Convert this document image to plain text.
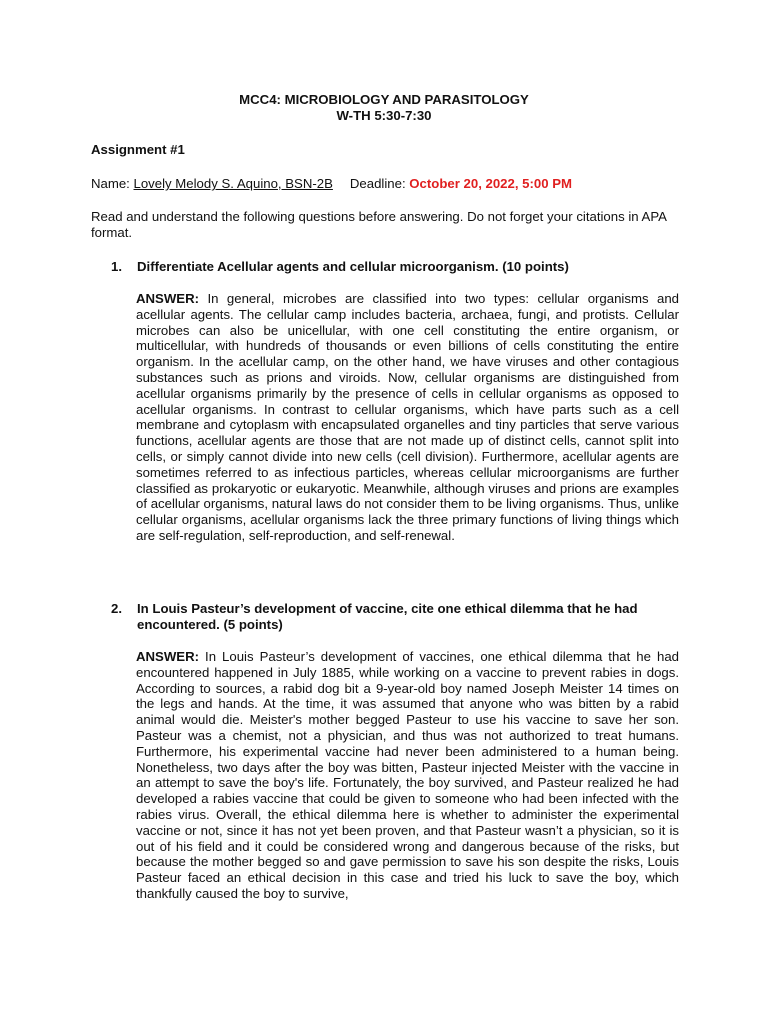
MCC4: MICROBIOLOGY AND PARASITOLOGY
W-TH 5:30-7:30
Assignment #1
Name: Lovely Melody S. Aquino, BSN-2B Deadline: October 20, 2022, 5:00 PM
Read and understand the following questions before answering. Do not forget your citations in APA format.
1.	Differentiate Acellular agents and cellular microorganism. (10 points)
ANSWER: In general, microbes are classified into two types: cellular organisms and acellular agents. The cellular camp includes bacteria, archaea, fungi, and protists. Cellular microbes can also be unicellular, with one cell constituting the entire organism, or multicellular, with hundreds of thousands or even billions of cells constituting the entire organism. In the acellular camp, on the other hand, we have viruses and other contagious substances such as prions and viroids. Now, cellular organisms are distinguished from acellular organisms primarily by the presence of cells in cellular organisms as opposed to acellular organisms. In contrast to cellular organisms, which have parts such as a cell membrane and cytoplasm with encapsulated organelles and tiny particles that serve various functions, acellular agents are those that are not made up of distinct cells, cannot split into cells, or simply cannot divide into new cells (cell division). Furthermore, acellular agents are sometimes referred to as infectious particles, whereas cellular microorganisms are further classified as prokaryotic or eukaryotic. Meanwhile, although viruses and prions are examples of acellular organisms, natural laws do not consider them to be living organisms. Thus, unlike cellular organisms, acellular organisms lack the three primary functions of living things which are self-regulation, self-reproduction, and self-renewal.
2.	In Louis Pasteur’s development of vaccine, cite one ethical dilemma that he had encountered. (5 points)
ANSWER: In Louis Pasteur’s development of vaccines, one ethical dilemma that he had encountered happened in July 1885, while working on a vaccine to prevent rabies in dogs. According to sources, a rabid dog bit a 9-year-old boy named Joseph Meister 14 times on the legs and hands. At the time, it was assumed that anyone who was bitten by a rabid animal would die. Meister's mother begged Pasteur to use his vaccine to save her son. Pasteur was a chemist, not a physician, and thus was not authorized to treat humans. Furthermore, his experimental vaccine had never been administered to a human being. Nonetheless, two days after the boy was bitten, Pasteur injected Meister with the vaccine in an attempt to save the boy's life. Fortunately, the boy survived, and Pasteur realized he had developed a rabies vaccine that could be given to someone who had been infected with the rabies virus. Overall, the ethical dilemma here is whether to administer the experimental vaccine or not, since it has not yet been proven, and that Pasteur wasn’t a physician, so it is out of his field and it could be considered wrong and dangerous because of the risks, but because the mother begged so and gave permission to save his son despite the risks, Louis Pasteur faced an ethical decision in this case and tried his luck to save the boy, which thankfully caused the boy to survive,
